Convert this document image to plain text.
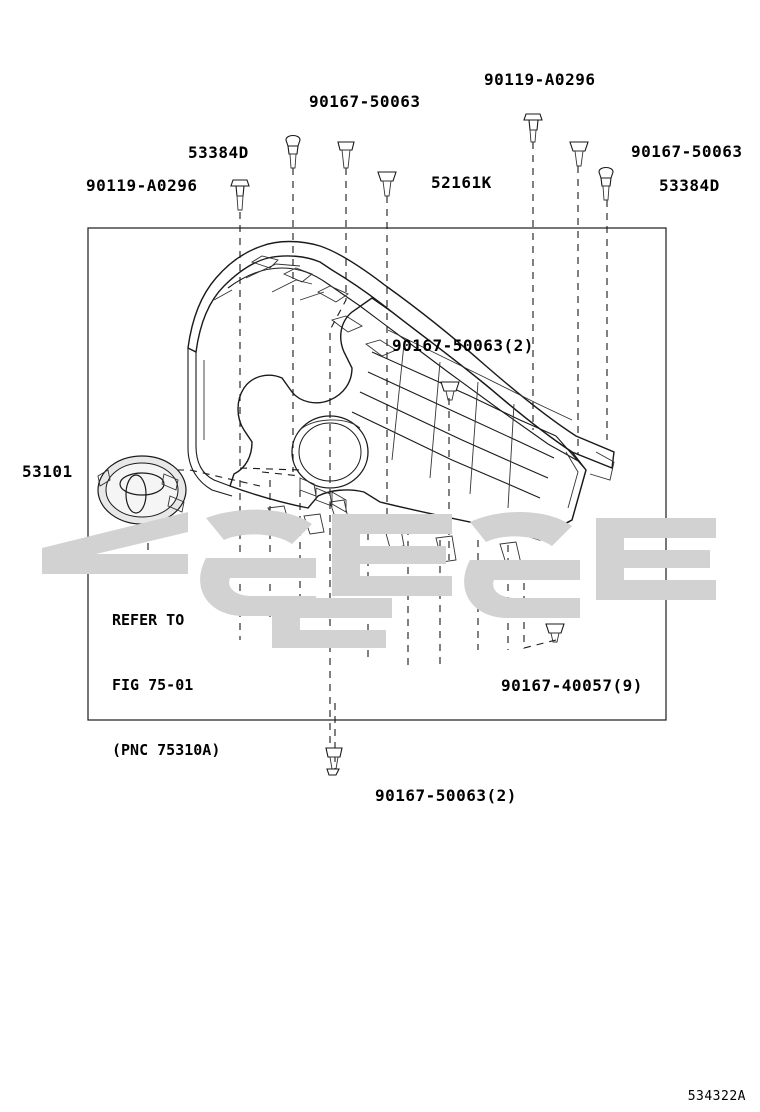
90119-A0296
53384D
90167-50063
52161K
90119-A0296
90167-50063
53384D
90167-50063(2)
53101
90167-40057(9)
90167-50063(2)

REFER TO

FIG 75-01

(PNC 75310A)

534322A
